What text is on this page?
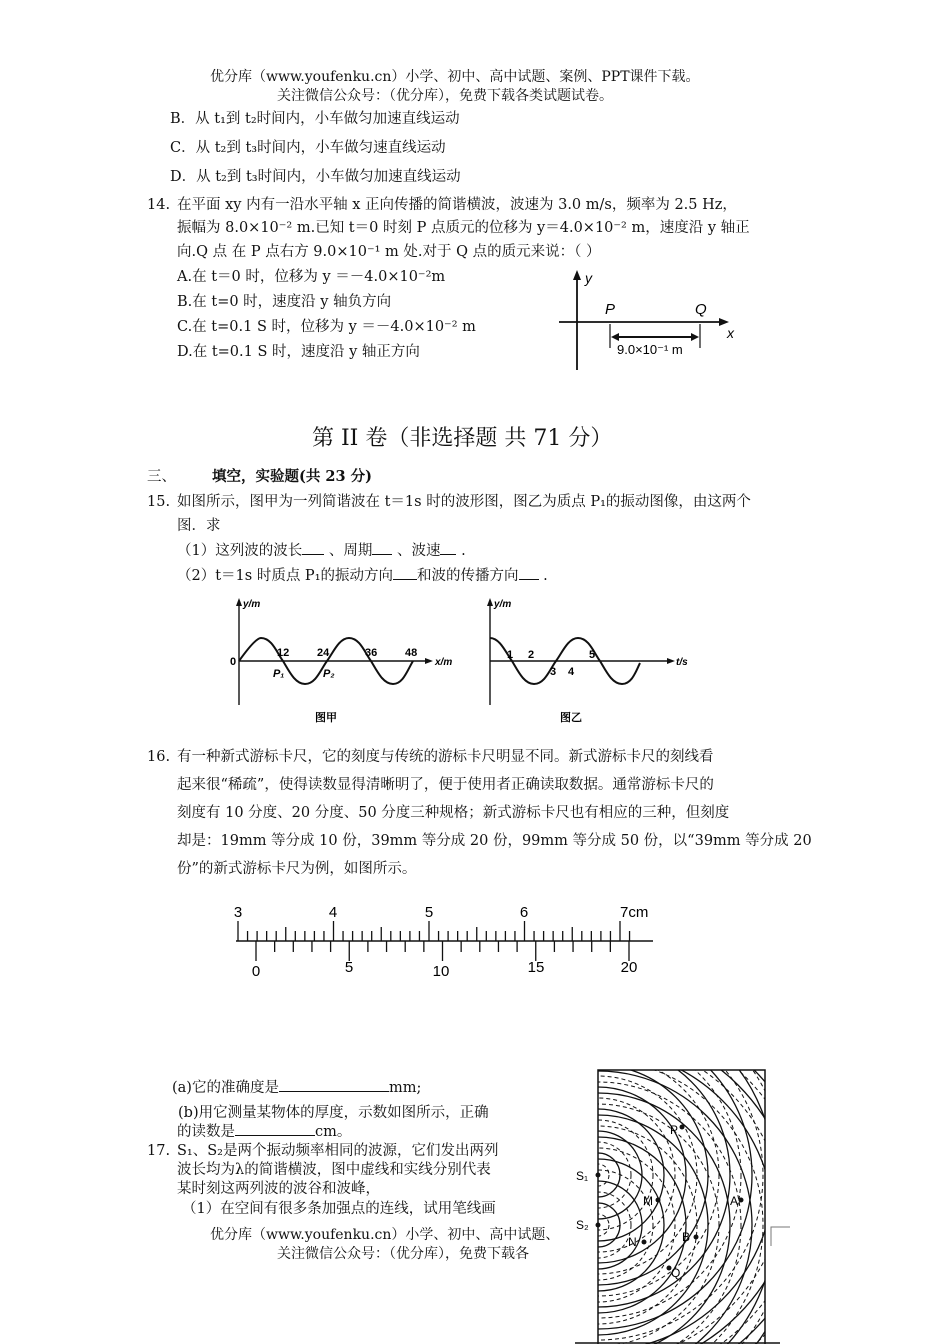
优分库（www.youfenku.cn）小学、初中、高中试题、案例、PPT课件下载。
关注微信公众号：（优分库），免费下载各类试题试卷。
B．从 t₁到 t₂时间内，小车做匀加速直线运动
C．从 t₂到 t₃时间内，小车做匀速直线运动
D．从 t₂到 t₃时间内，小车做匀加速直线运动
14. 在平面 xy 内有一沿水平轴 x 正向传播的简谐横波，波速为 3.0 m/s，频率为 2.5 Hz，
振幅为 8.0×10⁻² m.已知 t＝0 时刻 P 点质元的位移为 y＝4.0×10⁻² m，速度沿 y 轴正
向.Q 点 在 P 点右方 9.0×10⁻¹ m 处.对于 Q 点的质元来说：（ ）
A.在 t＝0 时，位移为 y ＝－4.0×10⁻²m
B.在 t=0 时，速度沿 y 轴负方向
C.在 t=0.1 S 时，位移为 y ＝－4.0×10⁻² m
D.在 t=0.1 S 时，速度沿 y 轴正方向
y
x
P	Q
9.0×10⁻¹ m
第 II 卷（非选择题 共 71 分）
三、 填空，实验题(共 23 分)
15. 如图所示，图甲为一列简谐波在 t＝1s 时的波形图，图乙为质点 P₁的振动图像，由这两个
图．求
（1）这列波的波长 、周期 、波速 .
（2）t＝1s 时质点 P₁的振动方向 和波的传播方向 .
y/m
x/m
0
12	24	36	48
P₁	P₂
图甲
y/m
t/s
1 2	5
3 4
图乙
16. 有一种新式游标卡尺，它的刻度与传统的游标卡尺明显不同。新式游标卡尺的刻线看
起来很“稀疏”，使得读数显得清晰明了，便于使用者正确读取数据。通常游标卡尺的
刻度有 10 分度、20 分度、50 分度三种规格；新式游标卡尺也有相应的三种，但刻度
却是：19mm 等分成 10 份，39mm 等分成 20 份，99mm 等分成 50 份，以“39mm 等分成 20
份”的新式游标卡尺为例，如图所示。
3	4	5	6	7cm
0	5	10	15	20
(a)它的准确度是	mm;
(b)用它测量某物体的厚度，示数如图所示，正确
的读数是	cm。
17. S₁、S₂是两个振动频率相同的波源，它们发出两列
波长均为λ的简谐横波，图中虚线和实线分别代表
某时刻这两列波的波谷和波峰，
（1）在空间有很多条加强点的连线，试用笔线画
S₁
S₂
P
M	A
N	B
Q
优分库（www.youfenku.cn）小学、初中、高中试题、
关注微信公众号：（优分库），免费下载各
